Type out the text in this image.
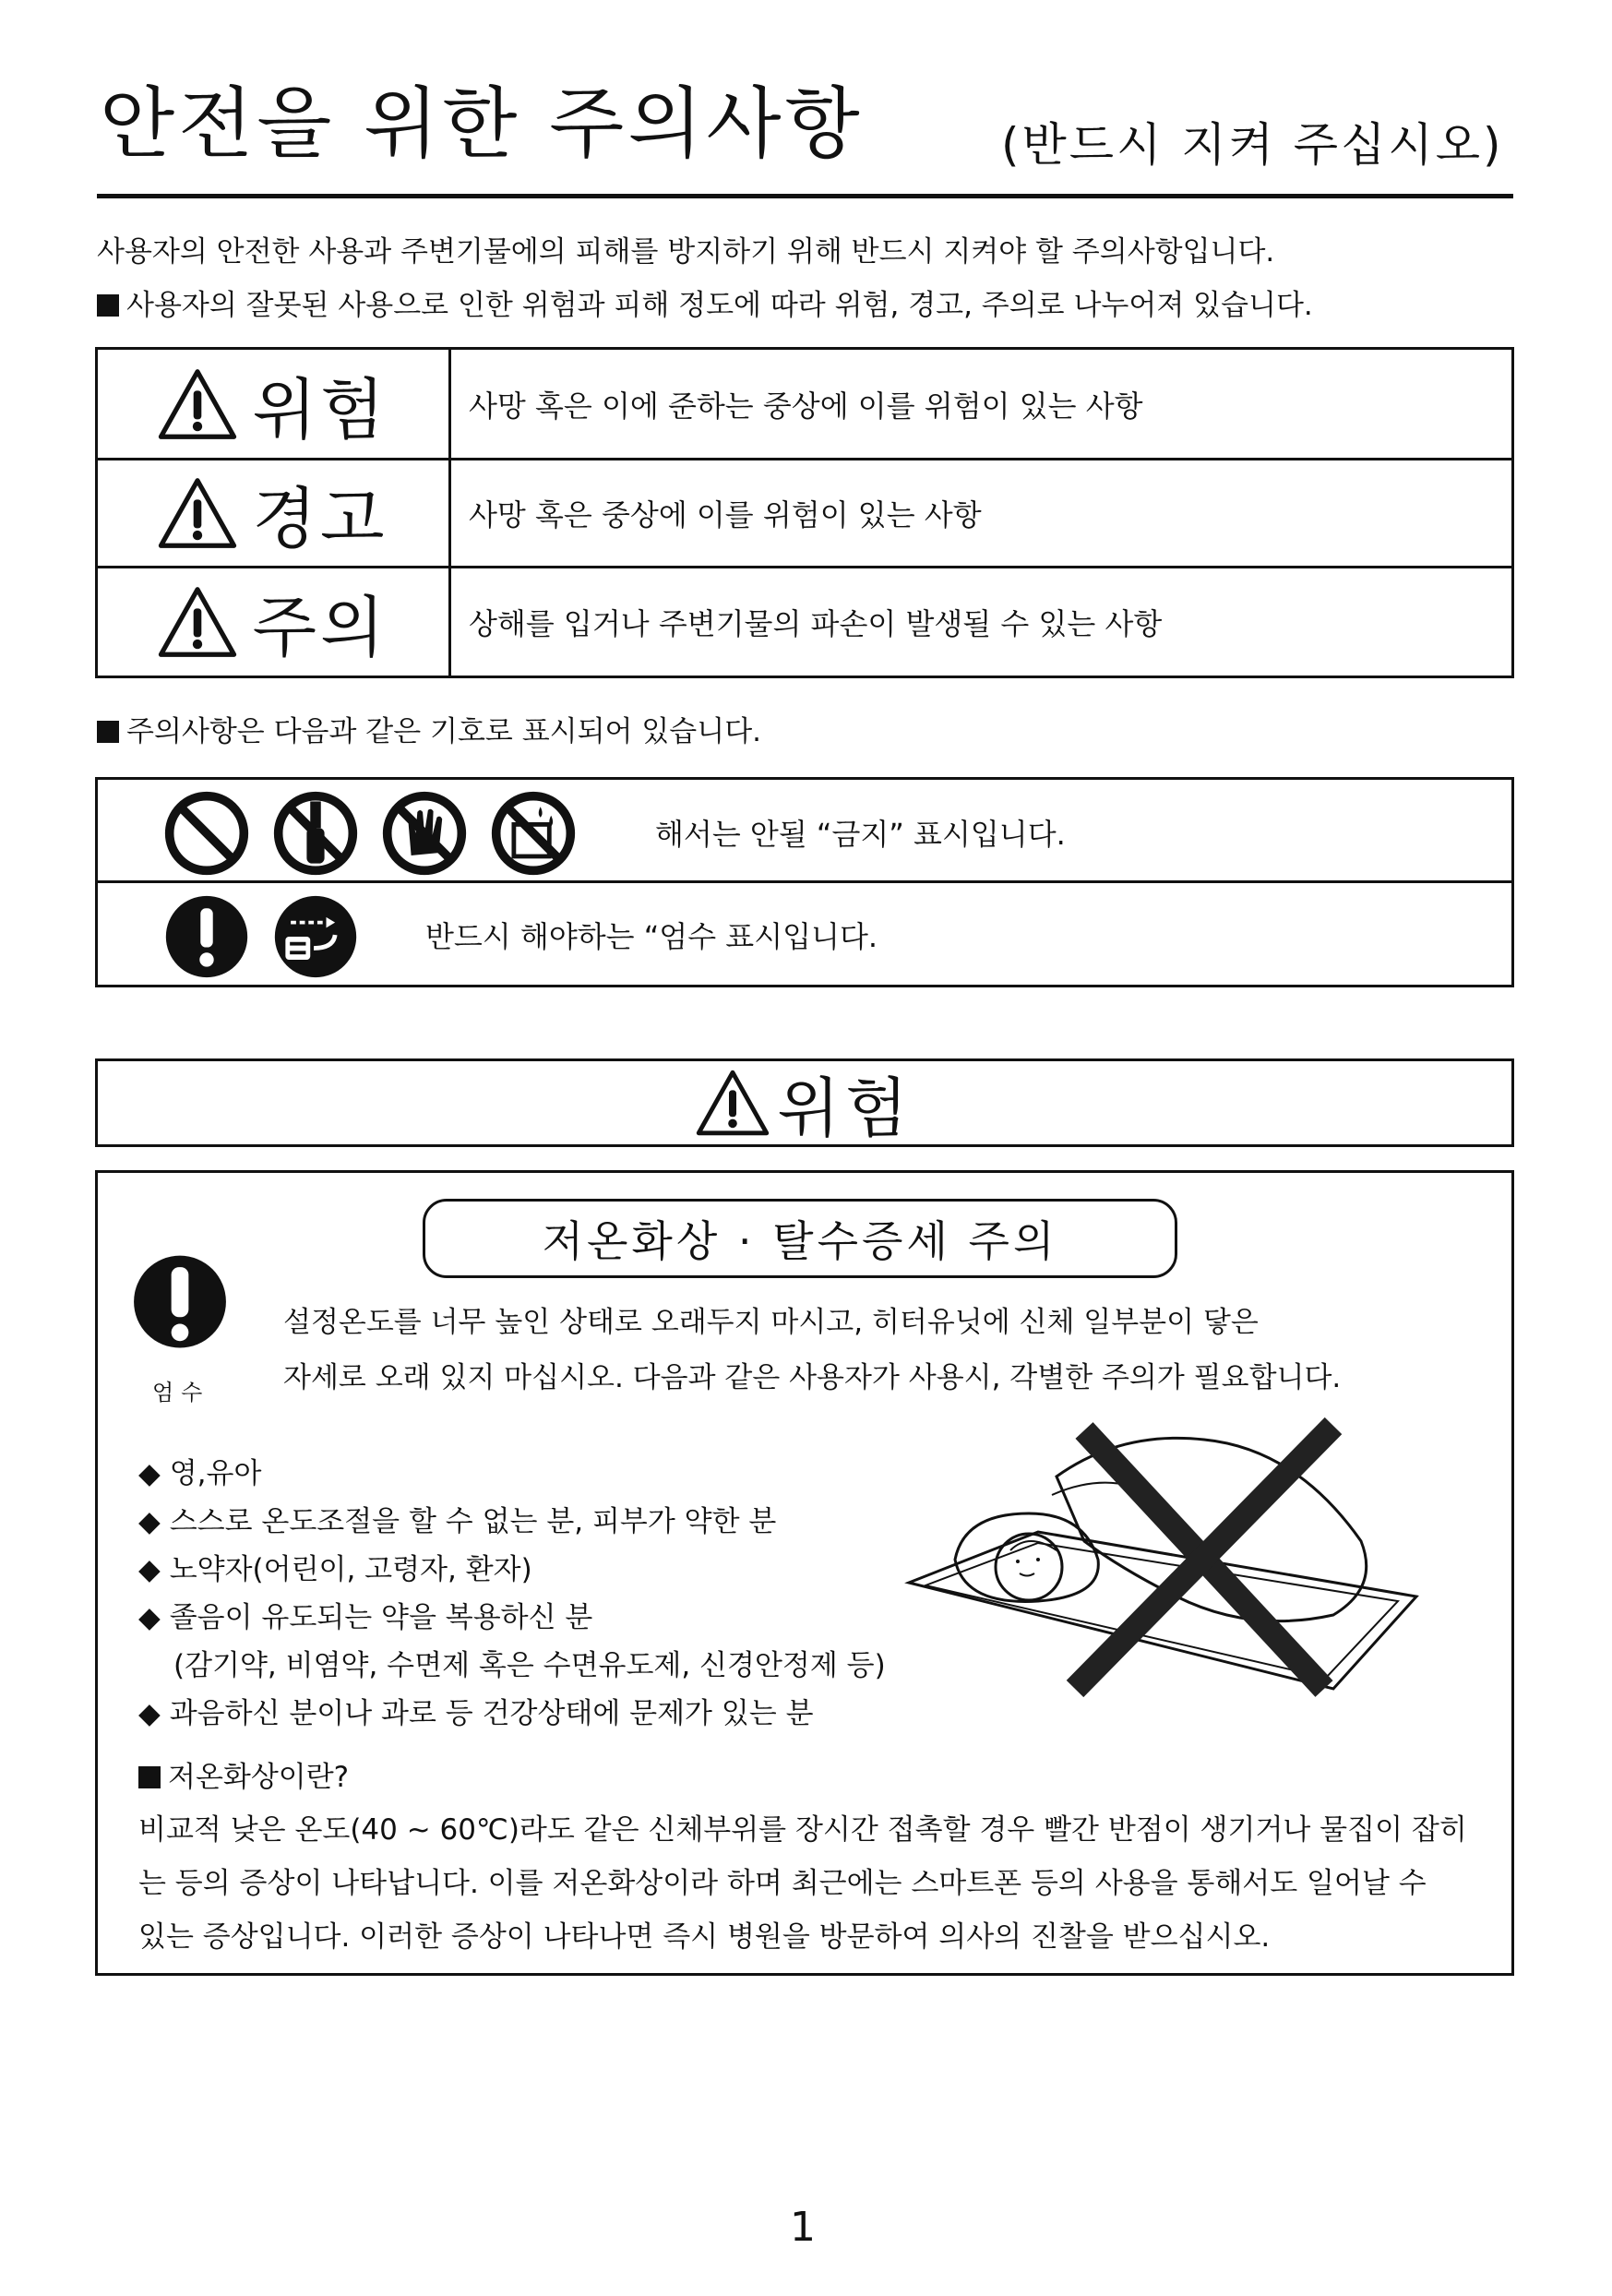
안전을 위한 주의사항	(반드시 지켜 주십시오)
사용자의 안전한 사용과 주변기물에의 피해를 방지하기 위해 반드시 지켜야 할 주의사항입니다.
사용자의 잘못된 사용으로 인한 위험과 피해 정도에 따라 위험, 경고, 주의로 나누어져 있습니다.
위험	사망 혹은 이에 준하는 중상에 이를 위험이 있는 사항
경고	사망 혹은 중상에 이를 위험이 있는 사항
주의	상해를 입거나 주변기물의 파손이 발생될 수 있는 사항
주의사항은 다음과 같은 기호로 표시되어 있습니다.
해서는 안될 “금지” 표시입니다.
반드시 해야하는 “엄수 표시입니다.
위험
저온화상 · 탈수증세 주의
엄수
설정온도를 너무 높인 상태로 오래두지 마시고, 히터유닛에 신체 일부분이 닿은
자세로 오래 있지 마십시오. 다음과 같은 사용자가 사용시, 각별한 주의가 필요합니다.
◆ 영,유아
◆ 스스로 온도조절을 할 수 없는 분, 피부가 약한 분
◆ 노약자(어린이, 고령자, 환자)
◆ 졸음이 유도되는 약을 복용하신 분
(감기약, 비염약, 수면제 혹은 수면유도제, 신경안정제 등)
◆ 과음하신 분이나 과로 등 건강상태에 문제가 있는 분
저온화상이란?
비교적 낮은 온도(40 ~ 60℃)라도 같은 신체부위를 장시간 접촉할 경우 빨간 반점이 생기거나 물집이 잡히
는 등의 증상이 나타납니다. 이를 저온화상이라 하며 최근에는 스마트폰 등의 사용을 통해서도 일어날 수
있는 증상입니다. 이러한 증상이 나타나면 즉시 병원을 방문하여 의사의 진찰을 받으십시오.
1
